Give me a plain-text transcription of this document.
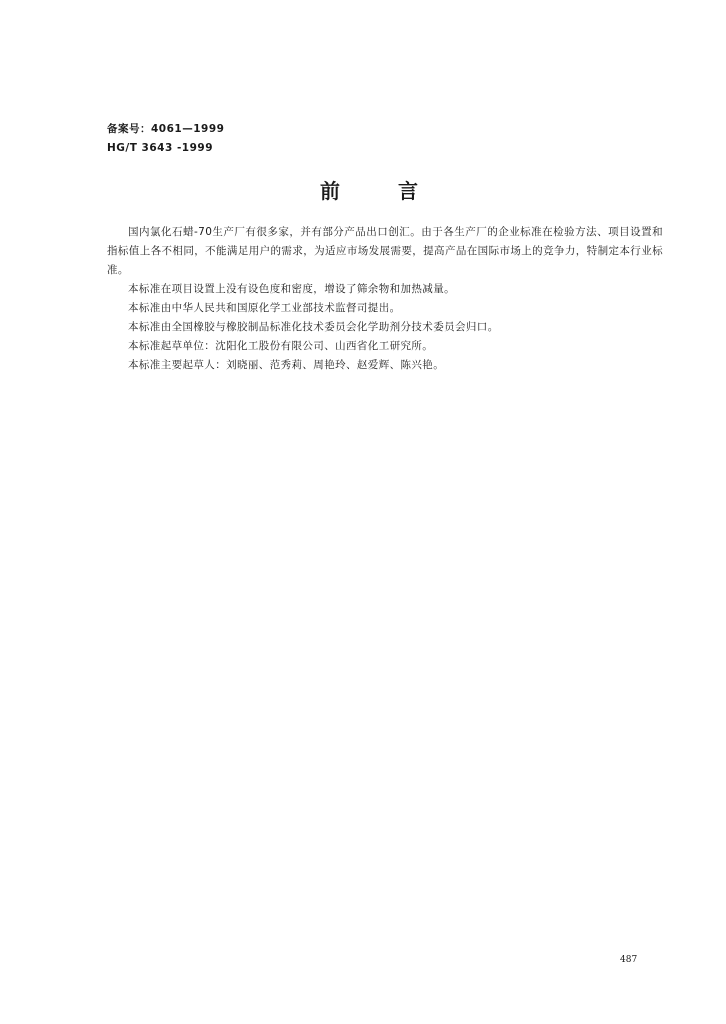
备案号：4061—1999
HG/T 3643 -1999
前言

国内氯化石蜡-70生产厂有很多家，并有部分产品出口创汇。由于各生产厂的企业标准在检验方法、项目设置和指标值上各不相同，不能满足用户的需求，为适应市场发展需要，提高产品在国际市场上的竞争力，特制定本行业标准。

本标准在项目设置上没有设色度和密度，增设了筛余物和加热减量。

本标准由中华人民共和国原化学工业部技术监督司提出。

本标准由全国橡胶与橡胶制品标准化技术委员会化学助剂分技术委员会归口。

本标准起草单位：沈阳化工股份有限公司、山西省化工研究所。

本标准主要起草人：刘晓丽、范秀莉、周艳玲、赵爱辉、陈兴艳。

487
